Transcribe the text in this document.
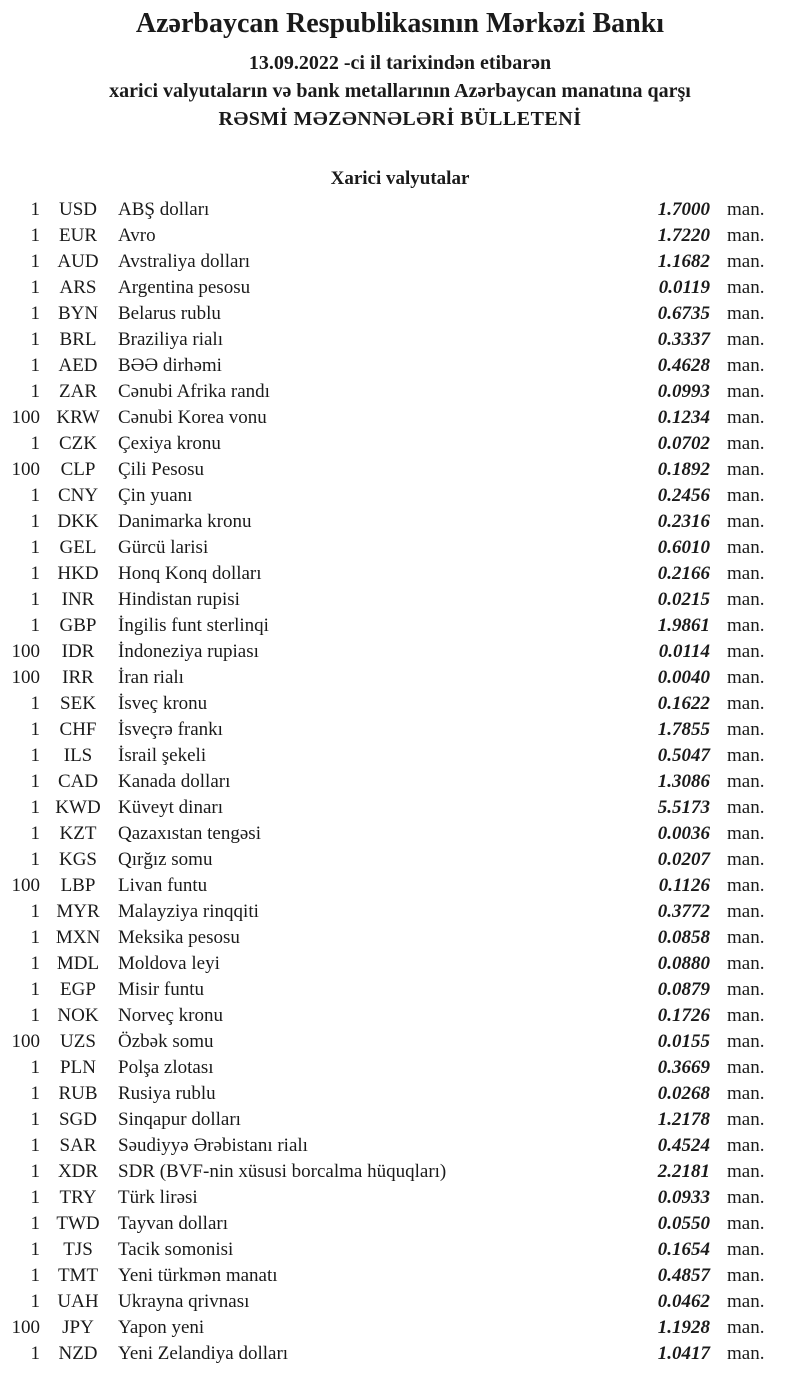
Azərbaycan Respublikasının Mərkəzi Bankı
13.09.2022 -ci il tarixindən etibarən
xarici valyutaların və bank metallarının Azərbaycan manatına qarşı
RƏSMİ MƏZƏNNƏLƏRİ BÜLLETENİ
Xarici valyutalar
1 USD	ABŞ dolları	1.7000 man.
1	EUR	Avro	1.7220 man.
1 AUD	Avstraliya dolları	1.1682 man.
1	ARS	Argentina pesosu	0.0119 man.
1 BYN	Belarus rublu	0.6735 man.
1	BRL	Braziliya rialı	0.3337 man.
1 AED	BƏƏ dirhəmi	0.4628 man.
1	ZAR	Cənubi Afrika randı	0.0993 man.
100 KRW Cənubi Korea vonu	0.1234 man.
1	CZK	Çexiya kronu	0.0702 man.
100	CLP	Çili Pesosu	0.1892 man.
1 CNY	Çin yuanı	0.2456 man.
1 DKK	Danimarka kronu	0.2316 man.
1	GEL	Gürcü larisi	0.6010 man.
1 HKD	Honq Konq dolları	0.2166 man.
1	INR	Hindistan rupisi	0.0215 man.
1	GBP	İngilis funt sterlinqi	1.9861 man.
100	IDR	İndoneziya rupiası	0.0114 man.
100	IRR	İran rialı	0.0040 man.
1	SEK	İsveç kronu	0.1622 man.
1	CHF	İsveçrə frankı	1.7855 man.
1	ILS	İsrail şekeli	0.5047 man.
1 CAD	Kanada dolları	1.3086 man.
1 KWD Küveyt dinarı	5.5173 man.
1	KZT	Qazaxıstan tengəsi	0.0036 man.
1 KGS	Qırğız somu	0.0207 man.
100	LBP	Livan funtu	0.1126 man.
1 MYR Malayziya rinqqiti	0.3772 man.
1 MXN Meksika pesosu	0.0858 man.
1 MDL Moldova leyi	0.0880 man.
1	EGP	Misir funtu	0.0879 man.
1 NOK	Norveç kronu	0.1726 man.
100	UZS	Özbək somu	0.0155 man.
1	PLN	Polşa zlotası	0.3669 man.
1 RUB	Rusiya rublu	0.0268 man.
1 SGD	Sinqapur dolları	1.2178 man.
1	SAR	Səudiyyə Ərəbistanı rialı	0.4524 man.
1 XDR	SDR (BVF-nin xüsusi borcalma hüquqları)	2.2181 man.
1	TRY	Türk lirəsi	0.0933 man.
1 TWD Tayvan dolları	0.0550 man.
1	TJS	Tacik somonisi	0.1654 man.
1 TMT	Yeni türkmən manatı	0.4857 man.
1 UAH	Ukrayna qrivnası	0.0462 man.
100	JPY	Yapon yeni	1.1928 man.
1 NZD	Yeni Zelandiya dolları	1.0417 man.
